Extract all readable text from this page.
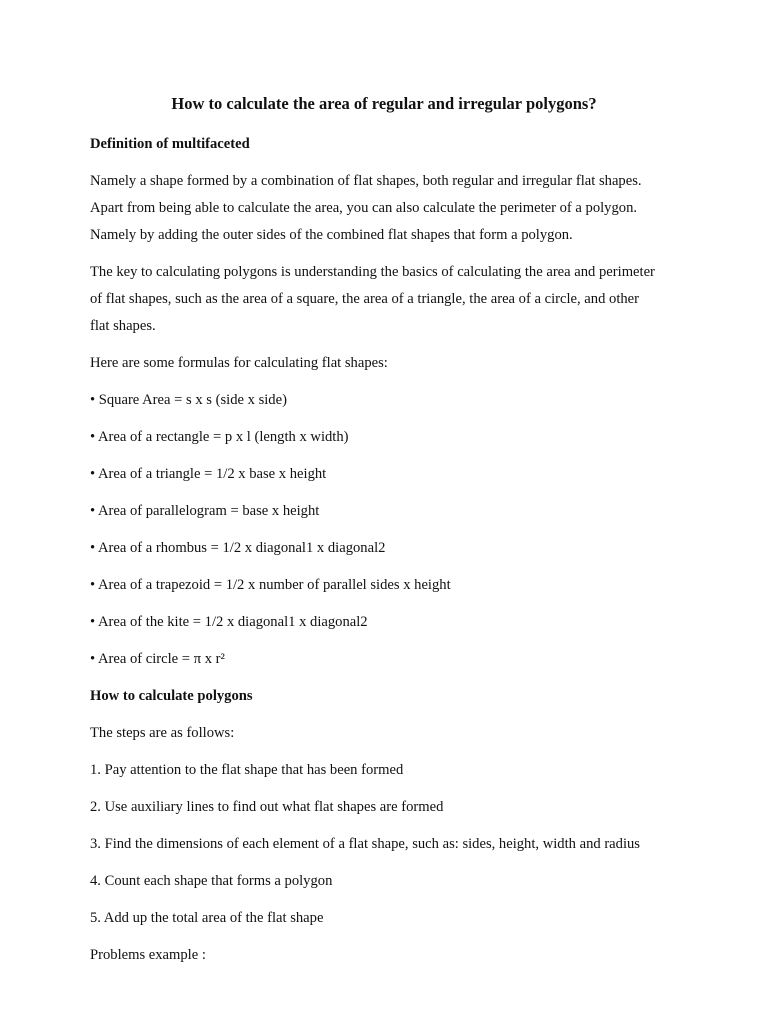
How to calculate the area of regular and irregular polygons?
Definition of multifaceted
Namely a shape formed by a combination of flat shapes, both regular and irregular flat shapes.
Apart from being able to calculate the area, you can also calculate the perimeter of a polygon.
Namely by adding the outer sides of the combined flat shapes that form a polygon.
The key to calculating polygons is understanding the basics of calculating the area and perimeter
of flat shapes, such as the area of a square, the area of a triangle, the area of a circle, and other
flat shapes.
Here are some formulas for calculating flat shapes:
• Square Area = s x s (side x side)
• Area of a rectangle = p x l (length x width)
• Area of a triangle = 1/2 x base x height
• Area of parallelogram = base x height
• Area of a rhombus = 1/2 x diagonal1 x diagonal2
• Area of a trapezoid = 1/2 x number of parallel sides x height
• Area of the kite = 1/2 x diagonal1 x diagonal2
• Area of circle = π x r²
How to calculate polygons
The steps are as follows:
1. Pay attention to the flat shape that has been formed
2. Use auxiliary lines to find out what flat shapes are formed
3. Find the dimensions of each element of a flat shape, such as: sides, height, width and radius
4. Count each shape that forms a polygon
5. Add up the total area of the flat shape
Problems example :
